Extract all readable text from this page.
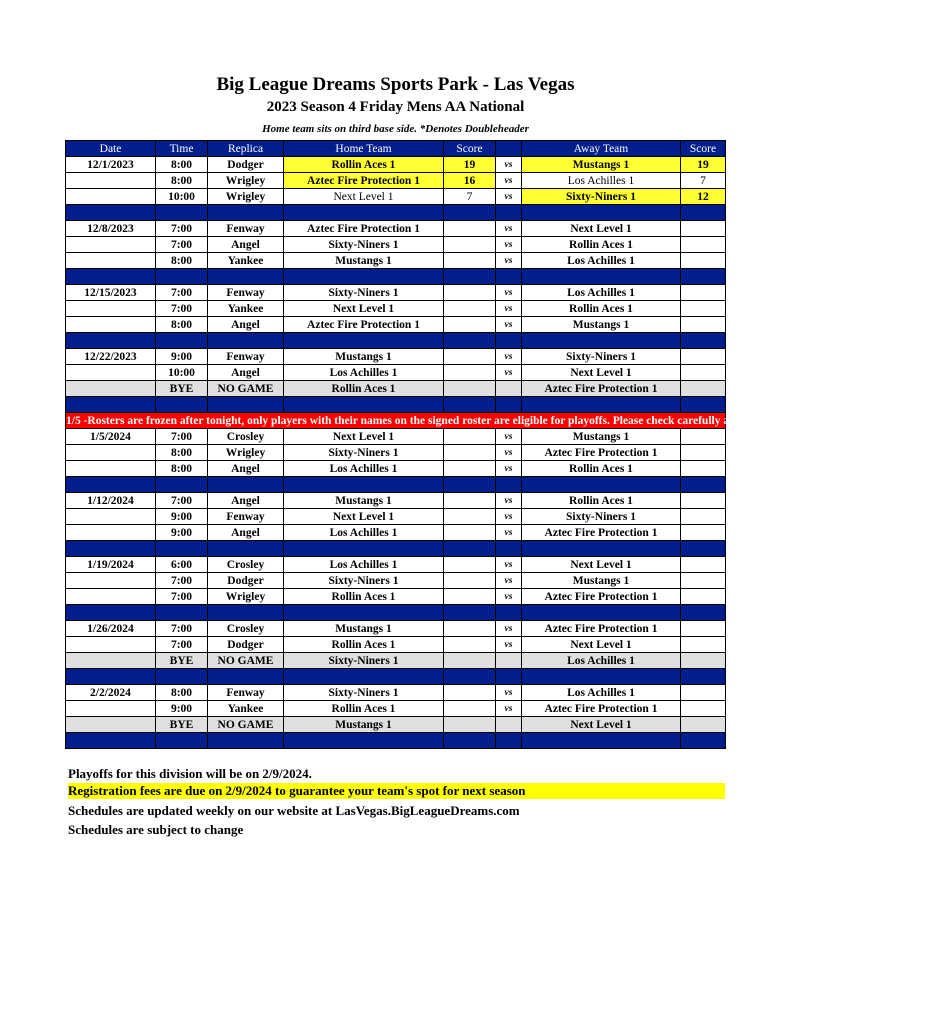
Big League Dreams Sports Park - Las Vegas
2023 Season 4 Friday Mens AA National
Home team sits on third base side. *Denotes Doubleheader
Date	Time	Replica	Home Team	Score		Away Team	Score
12/1/2023	8:00	Dodger	Rollin Aces 1	19	vs	Mustangs 1	19
	8:00	Wrigley	Aztec Fire Protection 1	16	vs	Los Achilles 1	7
	10:00	Wrigley	Next Level 1	7	vs	Sixty-Niners 1	12

12/8/2023	7:00	Fenway	Aztec Fire Protection 1		vs	Next Level 1	
	7:00	Angel	Sixty-Niners 1		vs	Rollin Aces 1	
	8:00	Yankee	Mustangs 1		vs	Los Achilles 1	

12/15/2023	7:00	Fenway	Sixty-Niners 1		vs	Los Achilles 1	
	7:00	Yankee	Next Level 1		vs	Rollin Aces 1	
	8:00	Angel	Aztec Fire Protection 1		vs	Mustangs 1	

12/22/2023	9:00	Fenway	Mustangs 1		vs	Sixty-Niners 1	
	10:00	Angel	Los Achilles 1		vs	Next Level 1	
	BYE	NO GAME	Rollin Aces 1			Aztec Fire Protection 1	

1/5 -Rosters are frozen after tonight, only players with their names on the signed roster are eligible for playoffs. Please check carefully as changes will not be made for omissions.							
1/5/2024	7:00	Crosley	Next Level 1		vs	Mustangs 1	
	8:00	Wrigley	Sixty-Niners 1		vs	Aztec Fire Protection 1	
	8:00	Angel	Los Achilles 1		vs	Rollin Aces 1	

1/12/2024	7:00	Angel	Mustangs 1		vs	Rollin Aces 1	
	9:00	Fenway	Next Level 1		vs	Sixty-Niners 1	
	9:00	Angel	Los Achilles 1		vs	Aztec Fire Protection 1	

1/19/2024	6:00	Crosley	Los Achilles 1		vs	Next Level 1	
	7:00	Dodger	Sixty-Niners 1		vs	Mustangs 1	
	7:00	Wrigley	Rollin Aces 1		vs	Aztec Fire Protection 1	

1/26/2024	7:00	Crosley	Mustangs 1		vs	Aztec Fire Protection 1	
	7:00	Dodger	Rollin Aces 1		vs	Next Level 1	
	BYE	NO GAME	Sixty-Niners 1			Los Achilles 1	

2/2/2024	8:00	Fenway	Sixty-Niners 1		vs	Los Achilles 1	
	9:00	Yankee	Rollin Aces 1		vs	Aztec Fire Protection 1	
	BYE	NO GAME	Mustangs 1			Next Level 1	

Playoffs for this division will be on 2/9/2024.
Registration fees are due on 2/9/2024 to guarantee your team's spot for next season
Schedules are updated weekly on our website at LasVegas.BigLeagueDreams.com
Schedules are subject to change
